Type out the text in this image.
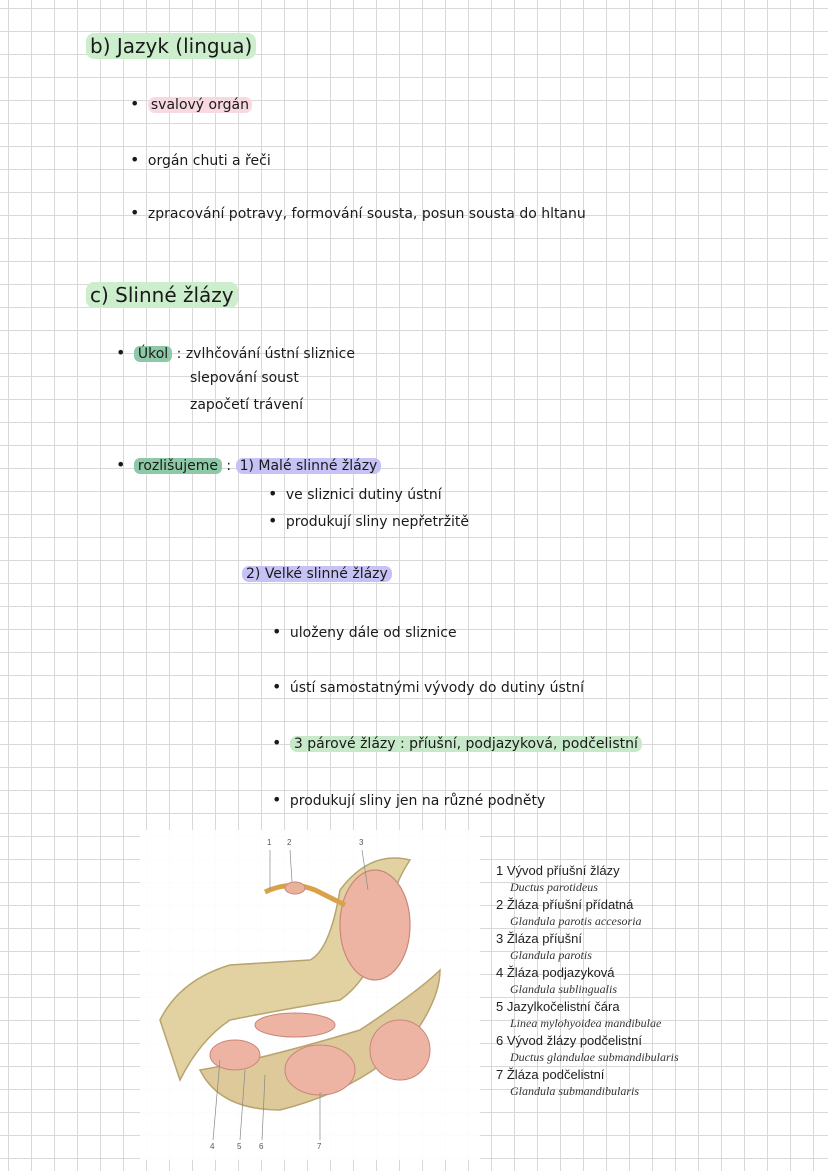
b) Jazyk (lingua)
• svalový orgán
• orgán chuti a řeči
• zpracování potravy, formování sousta, posun sousta do hltanu
c) Slinné žlázy
• Úkol : zvlhčování ústní sliznice
slepování soust
započetí trávení
• rozlišujeme : 1) Malé slinné žlázy
• ve sliznici dutiny ústní
• produkují sliny nepřetržitě
2) Velké slinné žlázy
• uloženy dále od sliznice
• ústí samostatnými vývody do dutiny ústní
• 3 párové žlázy : příušní, podjazyková, podčelistní
• produkují sliny jen na různé podněty
1 2	3
4	5 6	7
1 Vývod příušní žlázy
Ductus parotideus
2 Žláza příušní přídatná
Glandula parotis accesoria
3 Žláza příušní
Glandula parotis
4 Žláza podjazyková
Glandula sublingualis
5 Jazylkočelistní čára
Linea mylohyoidea mandibulae
6 Vývod žlázy podčelistní
Ductus glandulae submandibularis
7 Žláza podčelistní
Glandula submandibularis
